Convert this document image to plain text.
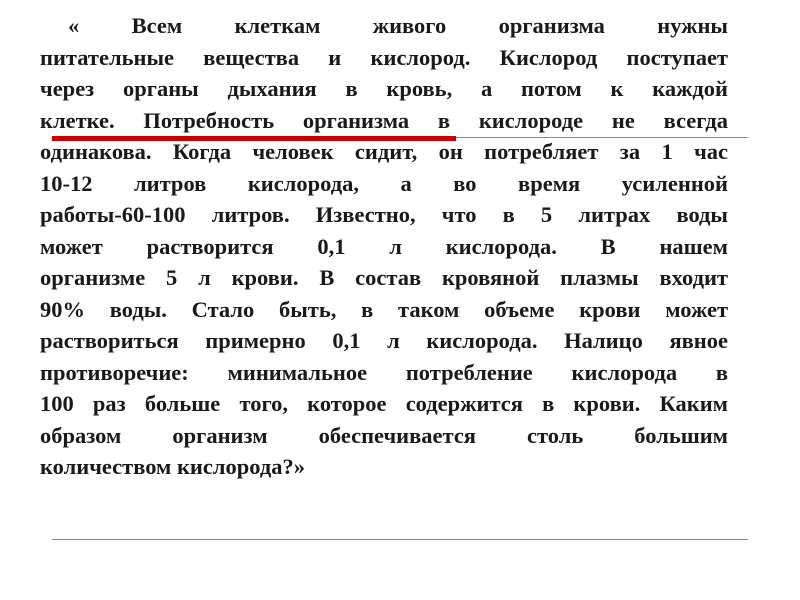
« Всем клеткам живого организма нужны
питательные вещества и кислород. Кислород поступает
через органы дыхания в кровь, а потом к каждой
клетке. Потребность организма в кислороде не всегда
одинакова. Когда человек сидит, он потребляет за 1 час
10-12 литров кислорода, а во время усиленной
работы-60-100 литров. Известно, что в 5 литрах воды
может растворится 0,1 л кислорода. В нашем
организме 5 л крови. В состав кровяной плазмы входит
90% воды. Стало быть, в таком объеме крови может
раствориться примерно 0,1 л кислорода. Налицо явное
противоречие: минимальное потребление кислорода в
100 раз больше того, которое содержится в крови. Каким
образом организм обеспечивается столь большим
количеством кислорода?»
